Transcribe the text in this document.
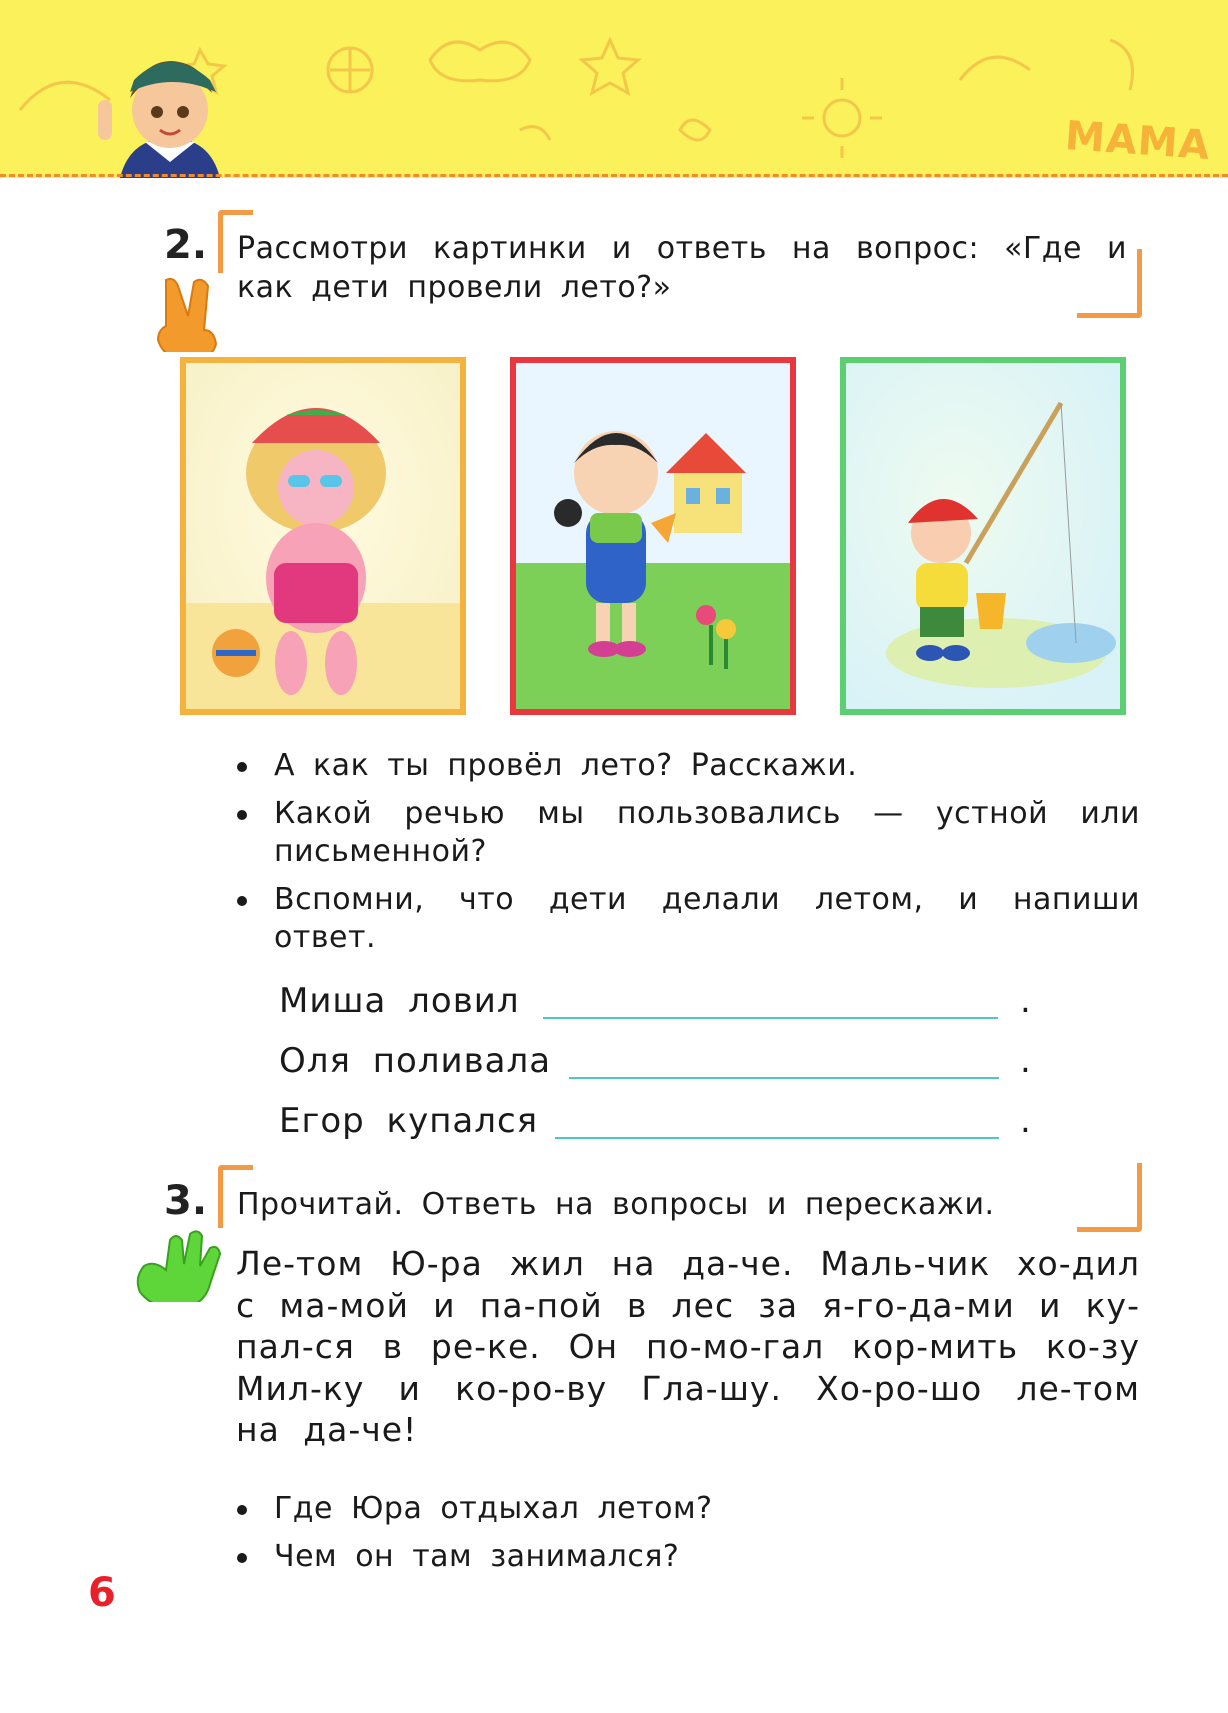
МАМА
2. Рассмотри картинки и ответь на вопрос: «Где и как дети провели лето?»
А как ты провёл лето? Расскажи.
Какой речью мы пользовались — устной или письменной?
Вспомни, что дети делали летом, и напиши ответ.
Миша ловил	.
Оля поливала	.
Егор купался	.
3. Прочитай. Ответь на вопросы и перескажи.
Ле-том Ю-ра жил на да-че. Маль-чик хо-дил с ма-мой и па-пой в лес за я-го-да-ми и ку-пал-ся в ре-ке. Он по-мо-гал кор-мить ко-зу Мил-ку и ко-ро-ву Гла-шу. Хо-ро-шо ле-том на да-че!
Где Юра отдыхал летом?
Чем он там занимался?
6
